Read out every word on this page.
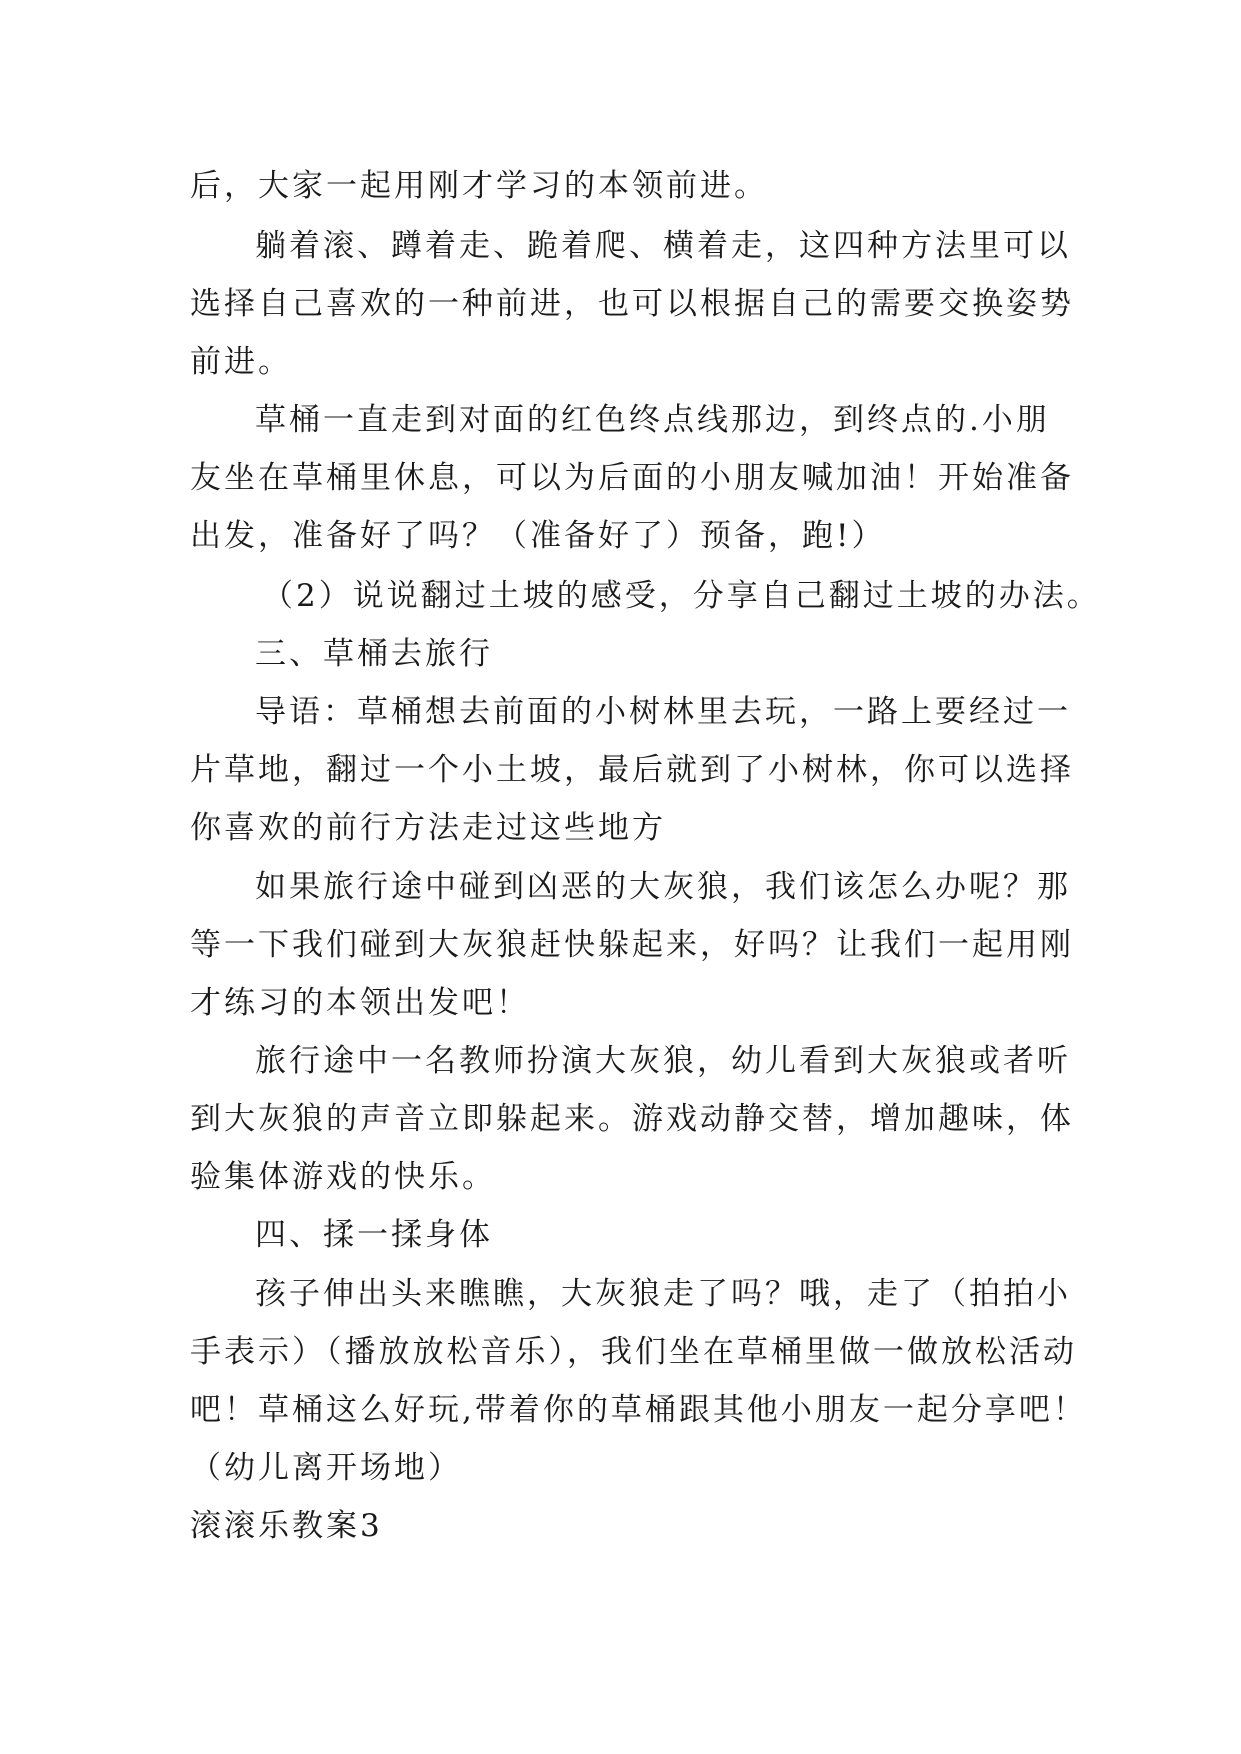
后，大家一起用刚才学习的本领前进。
躺着滚、蹲着走、跪着爬、横着走，这四种方法里可以
选择自己喜欢的一种前进，也可以根据自己的需要交换姿势
前进。
草桶一直走到对面的红色终点线那边，到终点的.小朋
友坐在草桶里休息，可以为后面的小朋友喊加油！开始准备
出发，准备好了吗？（准备好了）预备，跑!）
（2）说说翻过土坡的感受，分享自己翻过土坡的办法。
三、草桶去旅行
导语：草桶想去前面的小树林里去玩，一路上要经过一
片草地，翻过一个小土坡，最后就到了小树林，你可以选择
你喜欢的前行方法走过这些地方
如果旅行途中碰到凶恶的大灰狼，我们该怎么办呢？那
等一下我们碰到大灰狼赶快躲起来，好吗？让我们一起用刚
才练习的本领出发吧！
旅行途中一名教师扮演大灰狼，幼儿看到大灰狼或者听
到大灰狼的声音立即躲起来。游戏动静交替，增加趣味，体
验集体游戏的快乐。
四、揉一揉身体
孩子伸出头来瞧瞧，大灰狼走了吗？哦，走了（拍拍小
手表示）（播放放松音乐），我们坐在草桶里做一做放松活动
吧！草桶这么好玩,带着你的草桶跟其他小朋友一起分享吧！
（幼儿离开场地）
滚滚乐教案3
